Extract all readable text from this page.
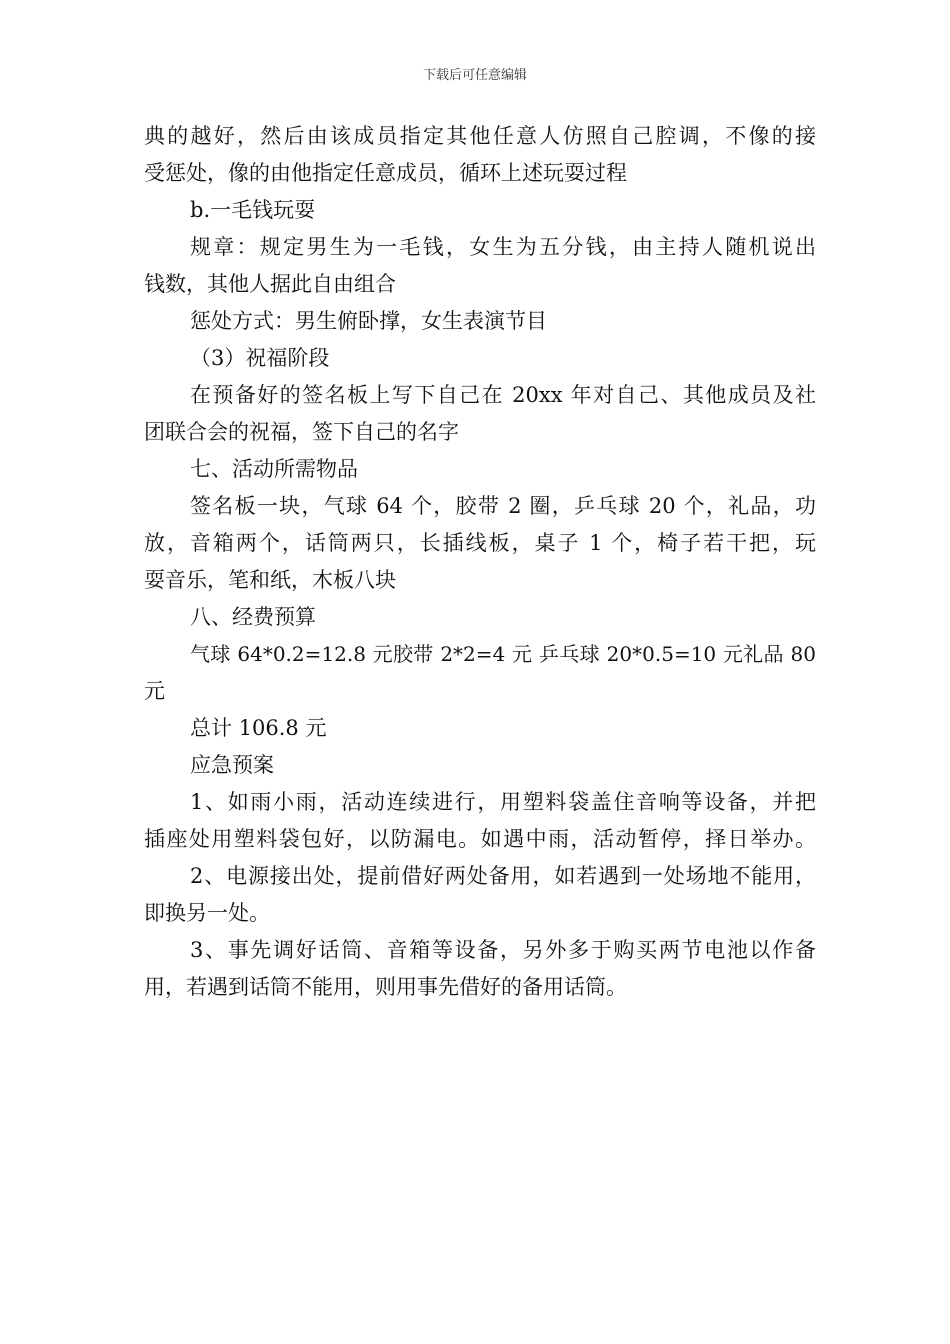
下载后可任意编辑
典的越好，然后由该成员指定其他任意人仿照自己腔调，不像的接
受惩处，像的由他指定任意成员，循环上述玩耍过程
b.一毛钱玩耍
规章：规定男生为一毛钱，女生为五分钱，由主持人随机说出
钱数，其他人据此自由组合
惩处方式：男生俯卧撑，女生表演节目
（3）祝福阶段
在预备好的签名板上写下自己在 20xx 年对自己、其他成员及社
团联合会的祝福，签下自己的名字
七、活动所需物品
签名板一块，气球 64 个，胶带 2 圈，乒乓球 20 个，礼品，功
放，音箱两个，话筒两只，长插线板，桌子 1 个，椅子若干把，玩
耍音乐，笔和纸，木板八块
八、经费预算
气球 64*0.2=12.8 元胶带 2*2=4 元 乒乓球 20*0.5=10 元礼品 80
元
总计 106.8 元
应急预案
1、如雨小雨，活动连续进行，用塑料袋盖住音响等设备，并把
插座处用塑料袋包好，以防漏电。如遇中雨，活动暂停，择日举办。
2、电源接出处，提前借好两处备用，如若遇到一处场地不能用，
即换另一处。
3、事先调好话筒、音箱等设备，另外多于购买两节电池以作备
用，若遇到话筒不能用，则用事先借好的备用话筒。
